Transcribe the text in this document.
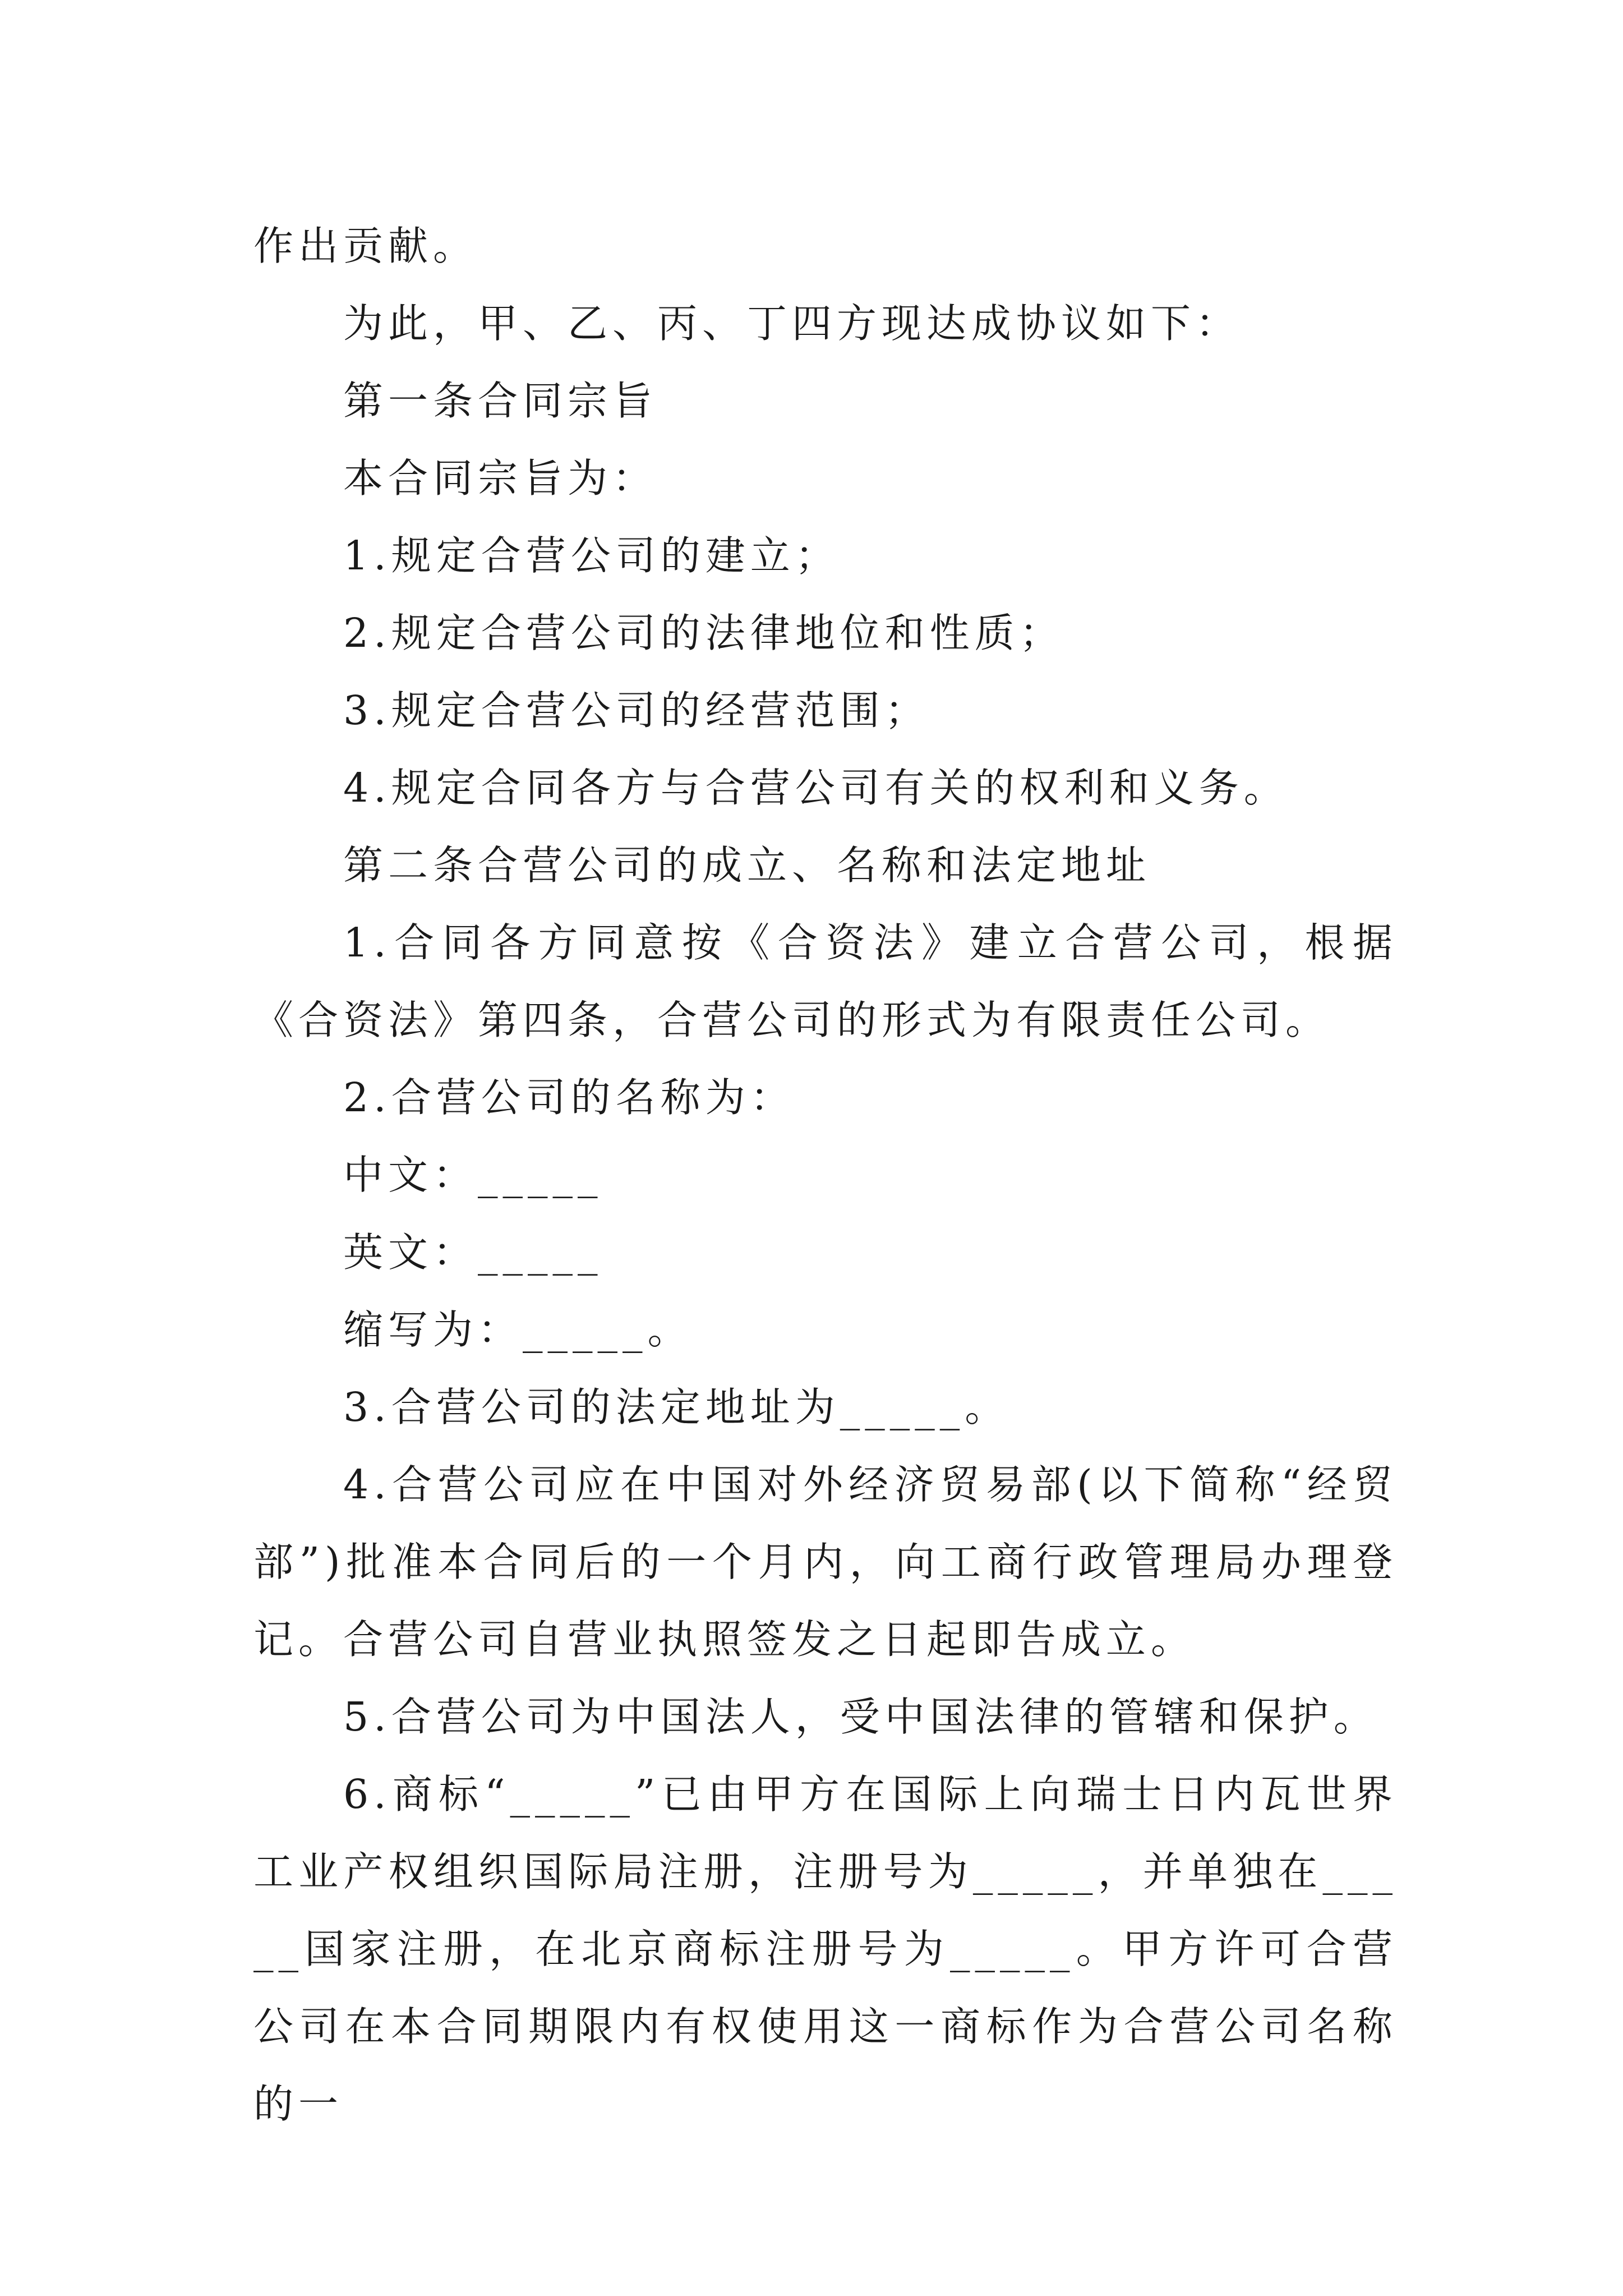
作出贡献。

为此，甲、乙、丙、丁四方现达成协议如下：

第一条合同宗旨

本合同宗旨为：

1.规定合营公司的建立；

2.规定合营公司的法律地位和性质；

3.规定合营公司的经营范围；

4.规定合同各方与合营公司有关的权利和义务。

第二条合营公司的成立、名称和法定地址

1.合同各方同意按《合资法》建立合营公司，根据《合资法》第四条，合营公司的形式为有限责任公司。

2.合营公司的名称为：

中文：_____

英文：_____

缩写为：_____。

3.合营公司的法定地址为_____。

4.合营公司应在中国对外经济贸易部(以下简称“经贸部”)批准本合同后的一个月内，向工商行政管理局办理登记。合营公司自营业执照签发之日起即告成立。

5.合营公司为中国法人，受中国法律的管辖和保护。

6.商标“_____”已由甲方在国际上向瑞士日内瓦世界工业产权组织国际局注册，注册号为_____，并单独在_____国家注册，在北京商标注册号为_____。甲方许可合营公司在本合同期限内有权使用这一商标作为合营公司名称的一
